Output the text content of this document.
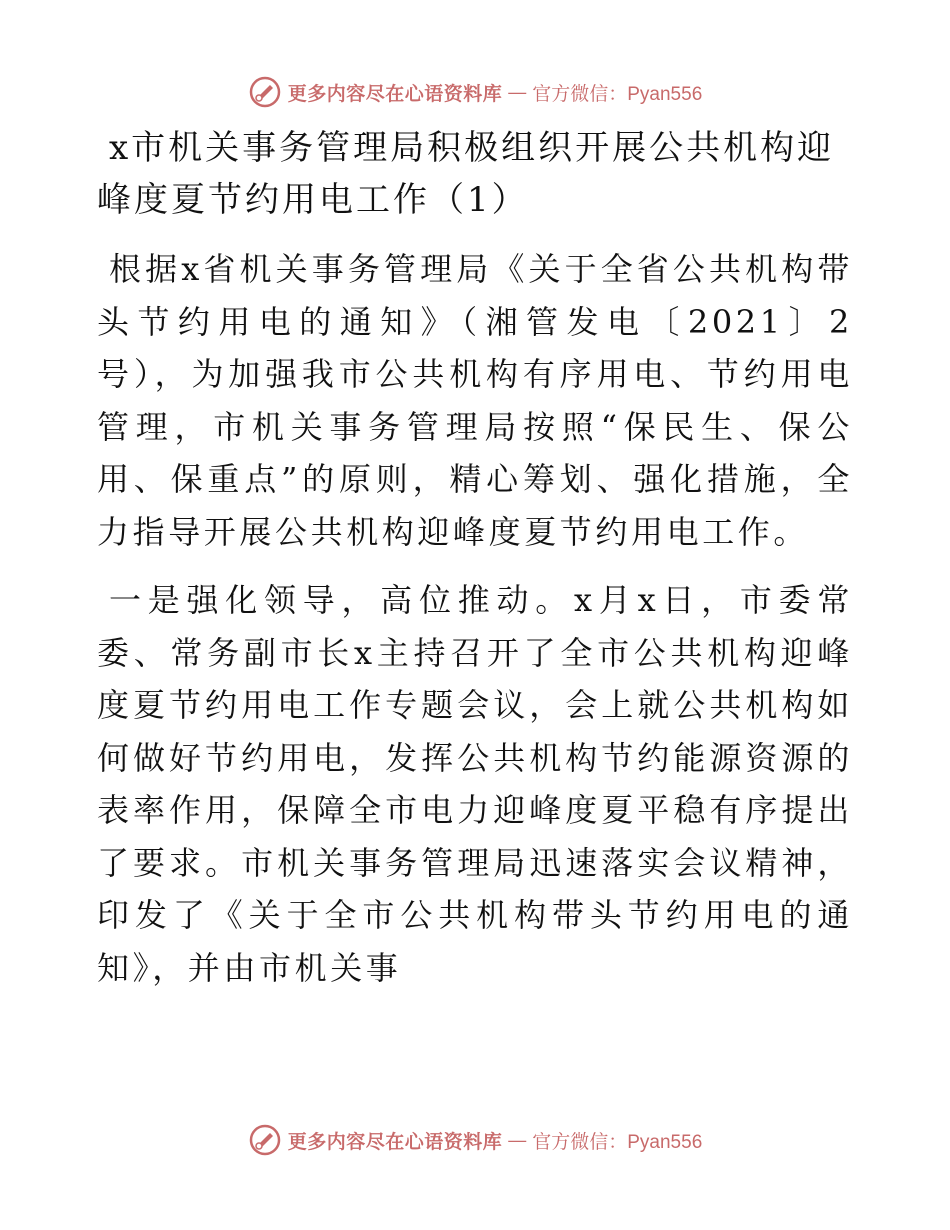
更多内容尽在心语资料库 — 官方微信：Pyan556
x市机关事务管理局积极组织开展公共机构迎峰度夏节约用电工作（1）

根据x省机关事务管理局《关于全省公共机构带头节约用电的通知》（湘管发电〔2021〕2号），为加强我市公共机构有序用电、节约用电管理，市机关事务管理局按照“保民生、保公用、保重点”的原则，精心筹划、强化措施，全力指导开展公共机构迎峰度夏节约用电工作。

一是强化领导，高位推动。x月x日，市委常委、常务副市长x主持召开了全市公共机构迎峰度夏节约用电工作专题会议，会上就公共机构如何做好节约用电，发挥公共机构节约能源资源的表率作用，保障全市电力迎峰度夏平稳有序提出了要求。市机关事务管理局迅速落实会议精神，印发了《关于全市公共机构带头节约用电的通知》，并由市机关事

更多内容尽在心语资料库 — 官方微信：Pyan556
